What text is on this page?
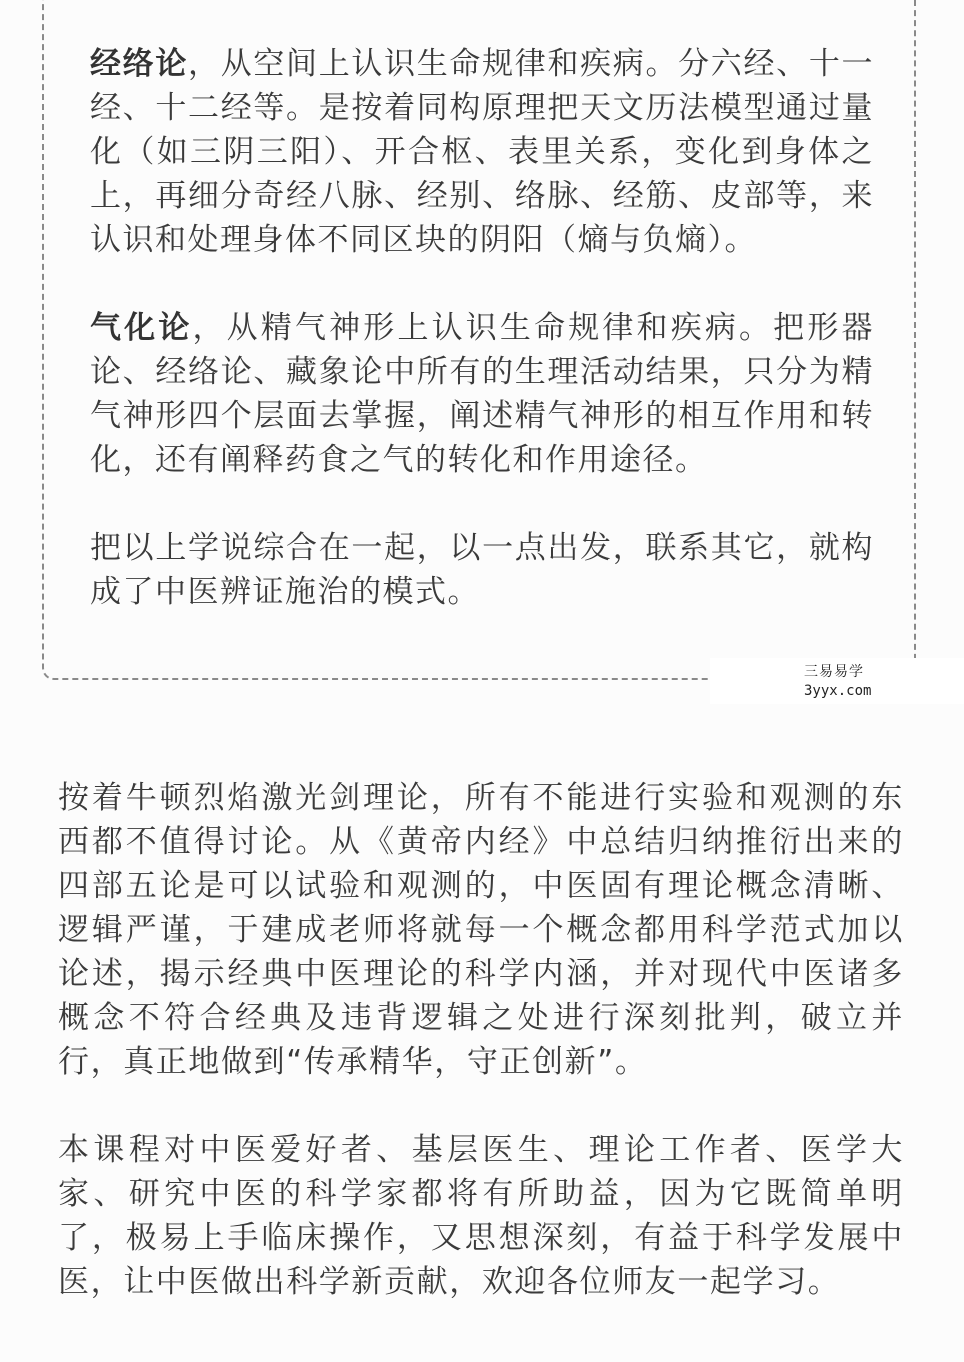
经络论，从空间上认识生命规律和疾病。分六经、十一经、十二经等。是按着同构原理把天文历法模型通过量化（如三阴三阳）、开合枢、表里关系，变化到身体之上，再细分奇经八脉、经别、络脉、经筋、皮部等，来认识和处理身体不同区块的阴阳（熵与负熵）。

气化论，从精气神形上认识生命规律和疾病。把形器论、经络论、藏象论中所有的生理活动结果，只分为精气神形四个层面去掌握，阐述精气神形的相互作用和转化，还有阐释药食之气的转化和作用途径。

把以上学说综合在一起，以一点出发，联系其它，就构成了中医辨证施治的模式。

三易易学
3yyx.com

按着牛顿烈焰激光剑理论，所有不能进行实验和观测的东西都不值得讨论。从《黄帝内经》中总结归纳推衍出来的四部五论是可以试验和观测的，中医固有理论概念清晰、逻辑严谨，于建成老师将就每一个概念都用科学范式加以论述，揭示经典中医理论的科学内涵，并对现代中医诸多概念不符合经典及违背逻辑之处进行深刻批判，破立并行，真正地做到“传承精华，守正创新”。

本课程对中医爱好者、基层医生、理论工作者、医学大家、研究中医的科学家都将有所助益，因为它既简单明了，极易上手临床操作，又思想深刻，有益于科学发展中医，让中医做出科学新贡献，欢迎各位师友一起学习。
